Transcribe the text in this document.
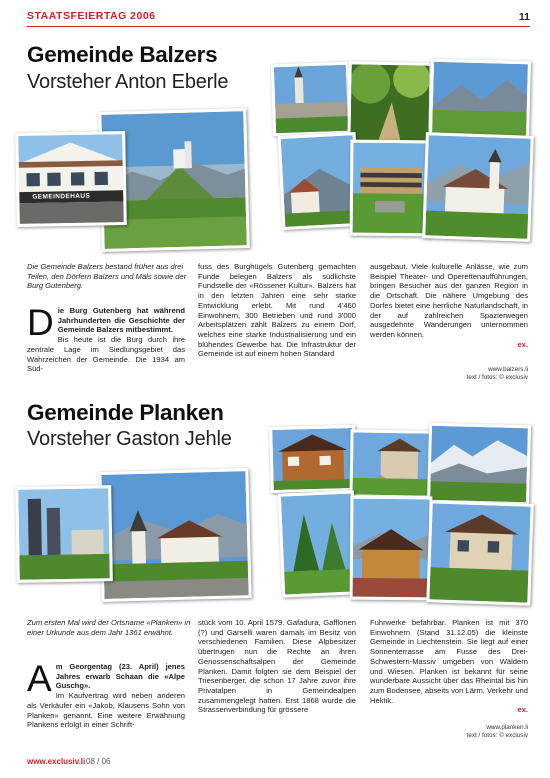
STAATSFEIERTAG 2006	11
Gemeinde Balzers
Vorsteher Anton Eberle
GEMEINDEHAUS
Die Gemeinde Balzers bestand früher aus drei Teilen, den Dörfern Balzers und Mäls sowie der Burg Gutenberg.
Die Burg Gutenberg hat während Jahrhunderten die Geschichte der Gemeinde Balzers mitbestimmt.

Bis heute ist die Burg durch ihre zentrale Lage im Siedlungsgebiet das Wahrzeichen der Gemeinde. Die 1934 am Süd-

fuss des Burghügels Gutenberg gemachten Funde belegen Balzers als südlichste Fundstelle der «Rössener Kultur». Balzers hat in den letzten Jahren eine sehr starke Entwicklung erlebt. Mit rund 4'460 Einwohnern, 300 Betrieben und rund 3'000 Arbeitsplätzen zählt Balzers zu einem Dorf, welches eine starke Industrialisierung und ein blühendes Gewerbe hat. Die Infrastruktur der Gemeinde ist auf einem hohen Standard

ausgebaut. Viele kulturelle Anlässe, wie zum Beispiel Theater- und Operettenaufführungen, bringen Besucher aus der ganzen Region in die Ortschaft. Die nähere Umgebung des Dorfes bietet eine herrliche Naturlandschaft, in der auf zahlreichen Spazierwegen ausgedehnte Wanderungen unternommen werden können.

ex.
www.balzers.li
text / fotos: © exclusiv
Gemeinde Planken
Vorsteher Gaston Jehle
Zum ersten Mal wird der Ortsname «Planken» in einer Urkunde aus dem Jahr 1361 erwähnt.
Am Georgentag (23. April) jenes Jahres erwarb Schaan die «Alpe Guschg».

Im Kaufvertrag wird neben anderen als Verkäufer ein «Jakob, Klausens Sohn von Planken» genannt. Eine weitere Erwähnung Plankens erfolgt in einer Schrift-

stück vom 10. April 1579. Gafadura, Gafflonen (?) und Garselli waren damals im Besitz von verschiedenen Familien. Diese Alpbesitzer übertrugen nun die Rechte an ihren Genossenschaftsalpen der Gemeinde Planken. Damit folgten sie dem Beispiel der Triesenberger, die schon 17 Jahre zuvor ihre Privatalpen in Gemeindealpen zusammengelegt hatten. Erst 1868 wurde die Strassenverbindung für grössere

Fuhrwerke befahrbar. Planken ist mit 370 Einwohnern (Stand 31.12.05) die kleinste Gemeinde in Liechtenstein. Sie liegt auf einer Sonnenterrasse am Fusse des Drei-Schwestern-Massiv umgeben von Wäldern und Wiesen. Planken ist bekannt für seine wunderbare Aussicht über das Rheintal bis hin zum Bodensee, abseits von Lärm, Verkehr und Hektik.

ex.
www.planken.li
text / fotos: © exclusiv
www.exclusiv.li 08 / 06
